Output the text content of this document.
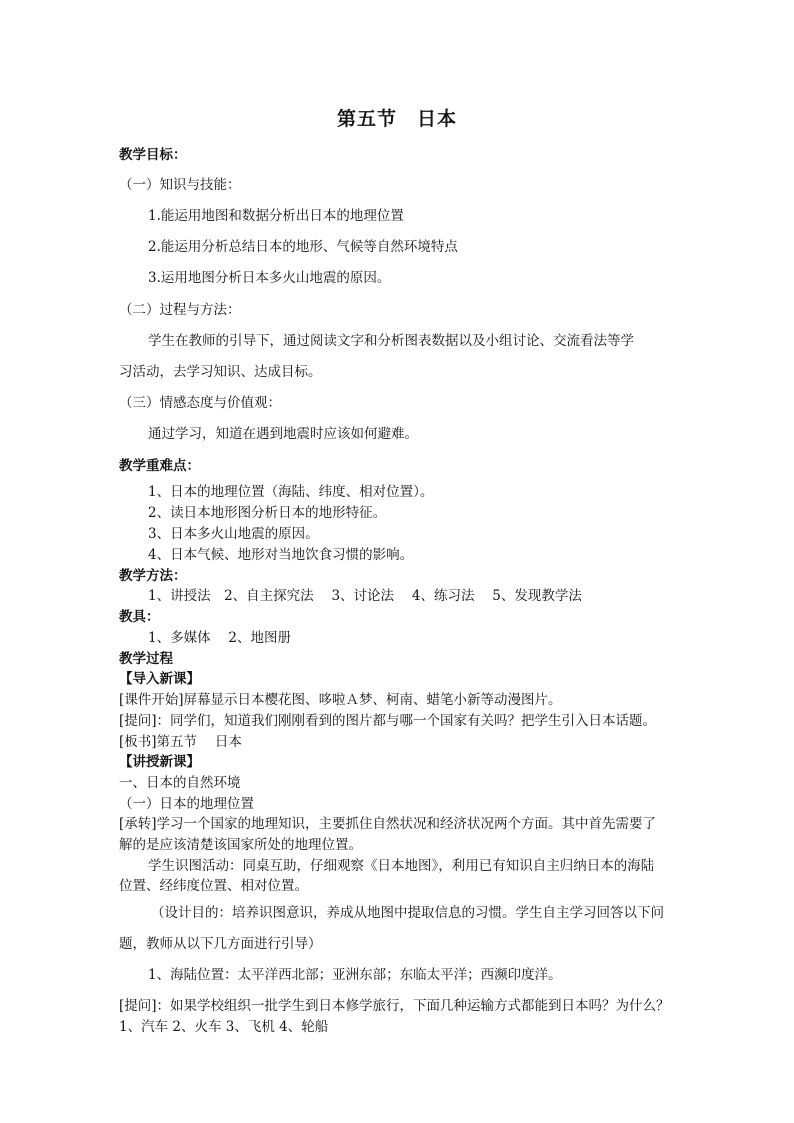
第五节　日本
教学目标：
（一）知识与技能：
1.能运用地图和数据分析出日本的地理位置
2.能运用分析总结日本的地形、气候等自然环境特点
3.运用地图分析日本多火山地震的原因。
（二）过程与方法：
学生在教师的引导下，通过阅读文字和分析图表数据以及小组讨论、交流看法等学
习活动，去学习知识、达成目标。
（三）情感态度与价值观：
通过学习，知道在遇到地震时应该如何避难。
教学重难点：
1、日本的地理位置（海陆、纬度、相对位置）。
2、读日本地形图分析日本的地形特征。
3、日本多火山地震的原因。
4、日本气候、地形对当地饮食习惯的影响。
教学方法：
1、讲授法　2、自主探究法　 3、讨论法　 4、练习法　 5、发现教学法
教具：
1、多媒体　 2、地图册
教学过程
【导入新课】
[课件开始]屏幕显示日本樱花图、哆啦Ａ梦、柯南、蜡笔小新等动漫图片。
[提问]：同学们，知道我们刚刚看到的图片都与哪一个国家有关吗？把学生引入日本话题。
[板书]第五节　 日本
【讲授新课】
一、日本的自然环境
（一）日本的地理位置
[承转]学习一个国家的地理知识，主要抓住自然状况和经济状况两个方面。其中首先需要了
解的是应该清楚该国家所处的地理位置。
学生识图活动：同桌互助，仔细观察《日本地图》，利用已有知识自主归纳日本的海陆
位置、经纬度位置、相对位置。
（设计目的：培养识图意识，养成从地图中提取信息的习惯。学生自主学习回答以下问
题，教师从以下几方面进行引导）
1、海陆位置：太平洋西北部；亚洲东部；东临太平洋；西濒印度洋。
[提问]：如果学校组织一批学生到日本修学旅行，下面几种运输方式都能到日本吗？为什么？
1、汽车 2、火车 3、飞机 4、轮船
